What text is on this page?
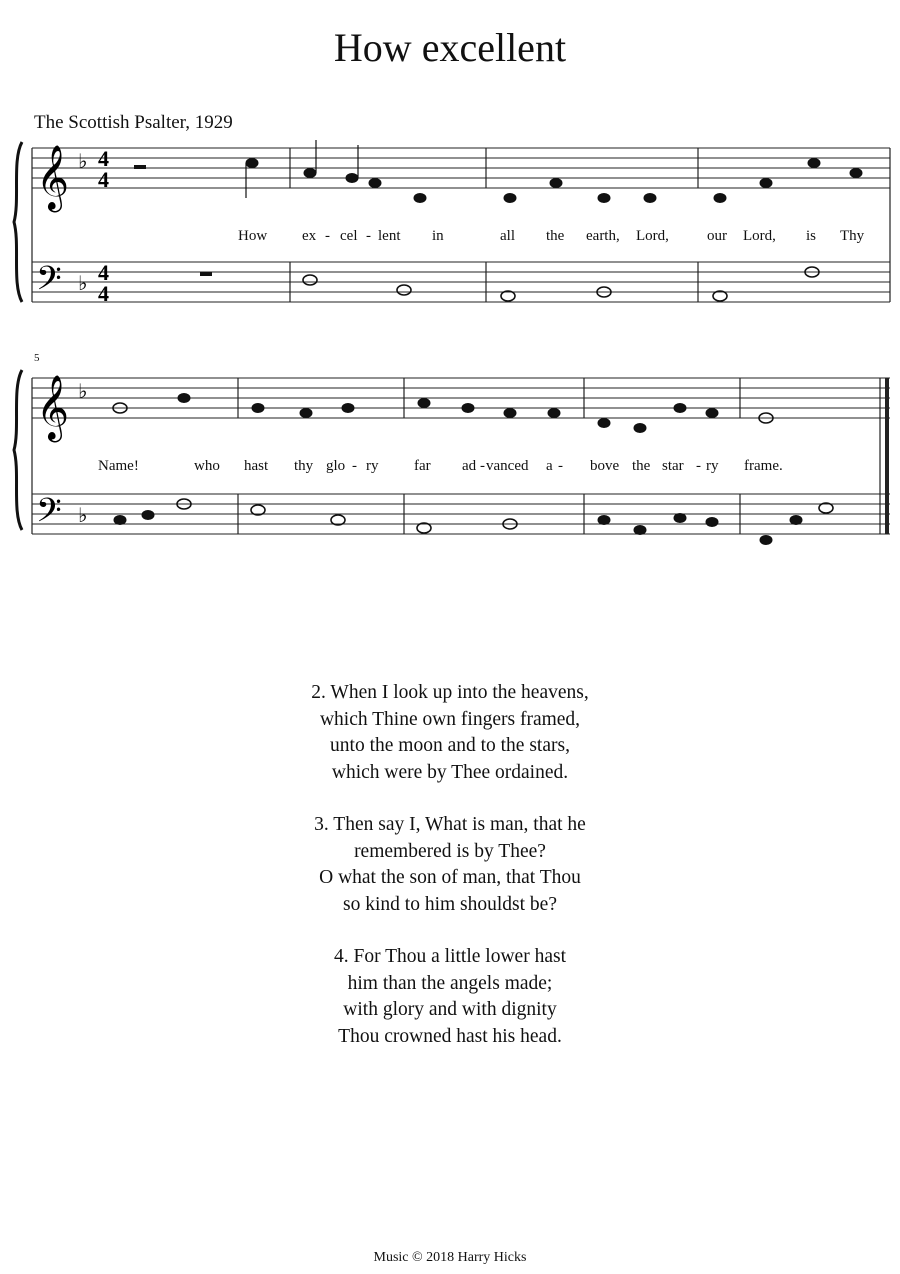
How excellent
The Scottish Psalter, 1929
5
𝄞
𝄢
♭
♭
4
4
4
4
How ex - cel - lent in	all the earth, Lord,	our Lord, is Thy
𝄞
𝄢
♭
♭
Name!	who hast thy glo - ry far ad - vanced a - bove the star - ry frame.
2. When I look up into the heavens,
which Thine own fingers framed,
unto the moon and to the stars,
which were by Thee ordained.
3. Then say I, What is man, that he
remembered is by Thee?
O what the son of man, that Thou
so kind to him shouldst be?
4. For Thou a little lower hast
him than the angels made;
with glory and with dignity
Thou crowned hast his head.
Music © 2018 Harry Hicks
